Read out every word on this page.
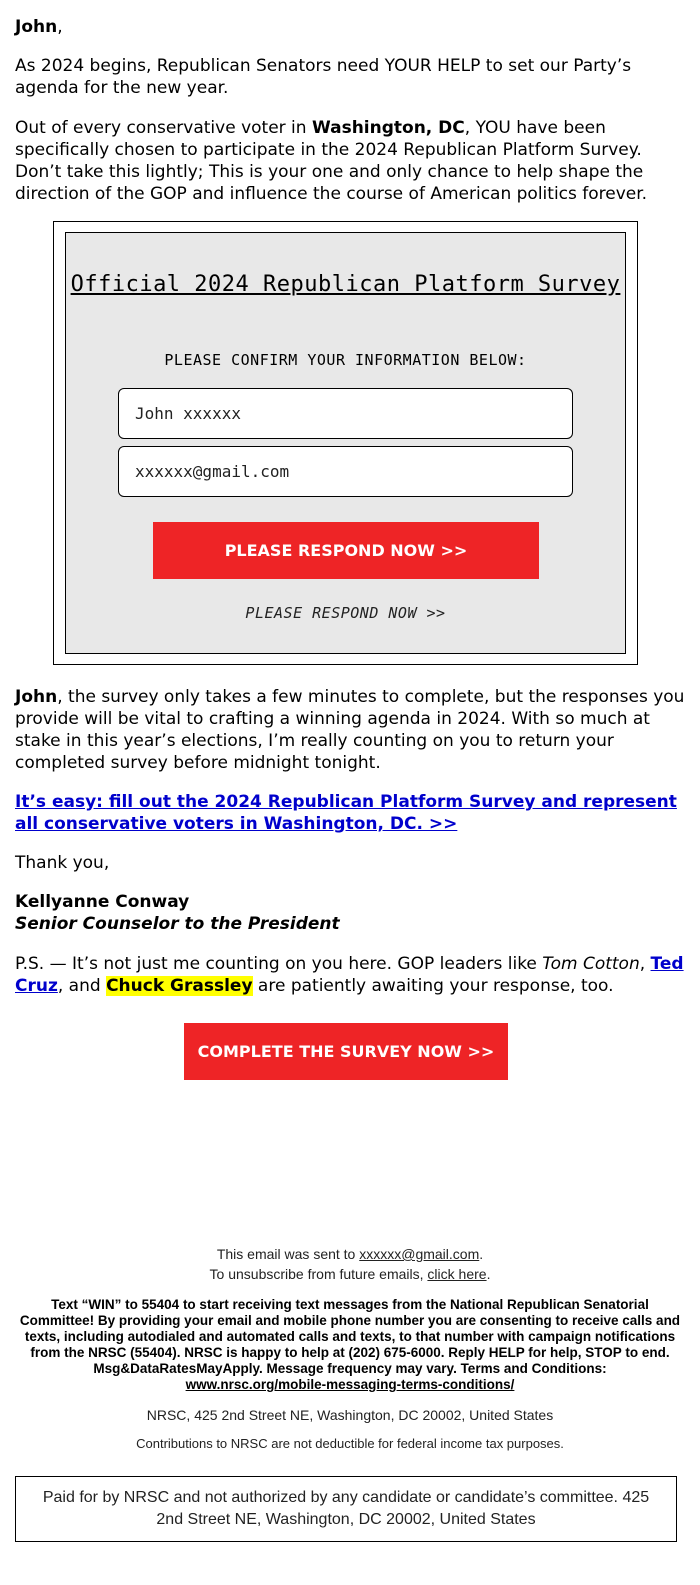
John,

As 2024 begins, Republican Senators need YOUR HELP to set our Party’s agenda for the new year.

Out of every conservative voter in Washington, DC, YOU have been specifically chosen to participate in the 2024 Republican Platform Survey. Don’t take this lightly; This is your one and only chance to help shape the direction of the GOP and influence the course of American politics forever.

Official 2024 Republican Platform Survey
PLEASE CONFIRM YOUR INFORMATION BELOW:
John xxxxxx
xxxxxx@gmail.com
PLEASE RESPOND NOW >>
PLEASE RESPOND NOW >>

John, the survey only takes a few minutes to complete, but the responses you provide will be vital to crafting a winning agenda in 2024. With so much at stake in this year’s elections, I’m really counting on you to return your completed survey before midnight tonight.

It’s easy: fill out the 2024 Republican Platform Survey and represent all conservative voters in Washington, DC. >>

Thank you,

Kellyanne Conway
Senior Counselor to the President

P.S. — It’s not just me counting on you here. GOP leaders like Tom Cotton, Ted Cruz, and Chuck Grassley are patiently awaiting your response, too.

COMPLETE THE SURVEY NOW >>
This email was sent to xxxxxx@gmail.com.
To unsubscribe from future emails, click here.
Text “WIN” to 55404 to start receiving text messages from the National Republican Senatorial Committee! By providing your email and mobile phone number you are consenting to receive calls and texts, including autodialed and automated calls and texts, to that number with campaign notifications from the NRSC (55404). NRSC is happy to help at (202) 675-6000. Reply HELP for help, STOP to end. Msg&DataRatesMayApply. Message frequency may vary. Terms and Conditions:
www.nrsc.org/mobile-messaging-terms-conditions/
NRSC, 425 2nd Street NE, Washington, DC 20002, United States
Contributions to NRSC are not deductible for federal income tax purposes.
Paid for by NRSC and not authorized by any candidate or candidate’s committee. 425 2nd Street NE, Washington, DC 20002, United States
